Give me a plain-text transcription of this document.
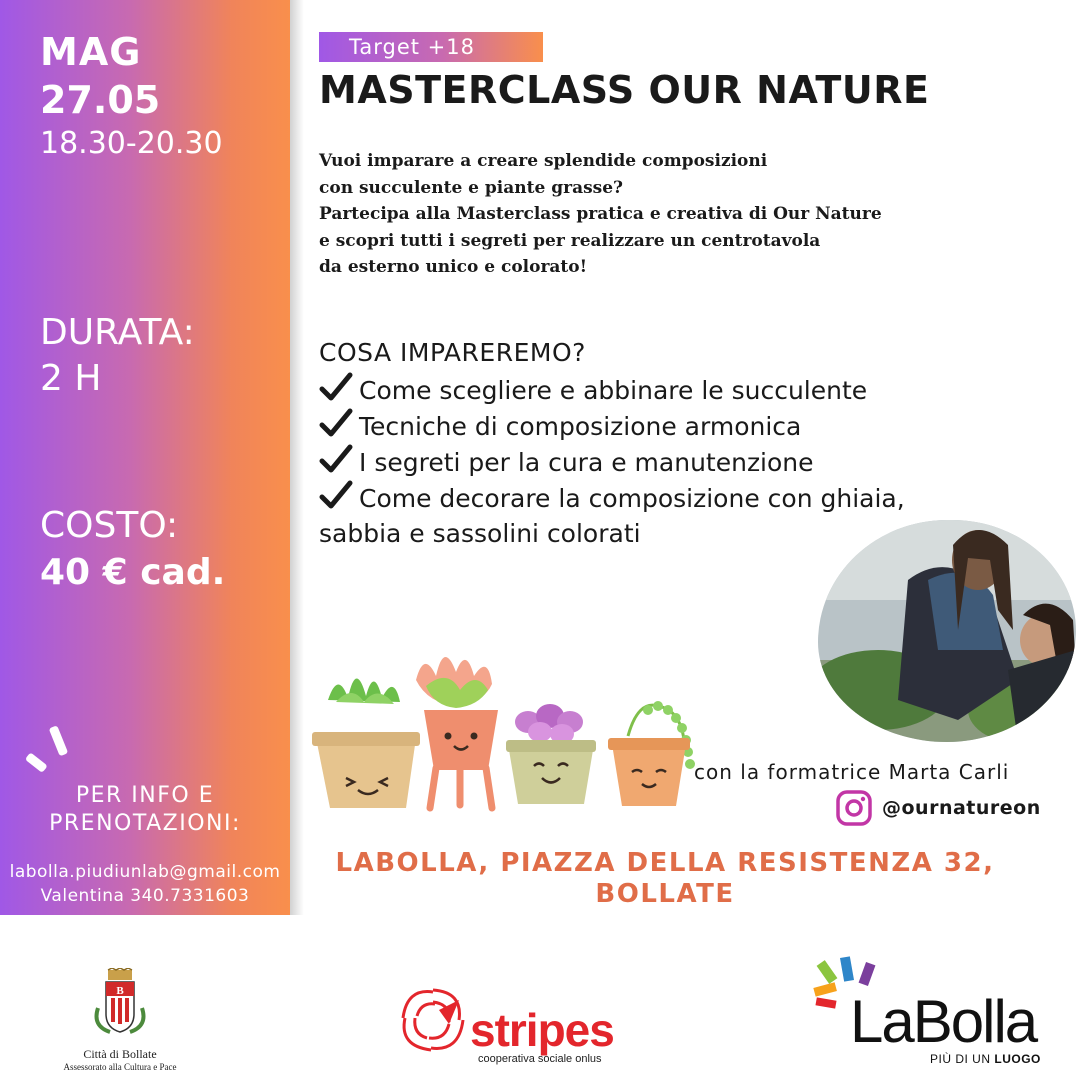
MAG
27.05
18.30-20.30
DURATA:
2 H
COSTO:
40 € cad.
PER INFO E
PRENOTAZIONI:
labolla.piudiunlab@gmail.com
Valentina 340.7331603
Target +18
MASTERCLASS OUR NATURE
Vuoi imparare a creare splendide composizioni
con succulente e piante grasse?
Partecipa alla Masterclass pratica e creativa di Our Nature
e scopri tutti i segreti per realizzare un centrotavola
da esterno unico e colorato!
COSA IMPAREREMO?
Come scegliere e abbinare le succulente
Tecniche di composizione armonica
I segreti per la cura e manutenzione
Come decorare la composizione con ghiaia,
sabbia e sassolini colorati
con la formatrice Marta Carli
@ournatureon
LABOLLA, PIAZZA DELLA RESISTENZA 32,
BOLLATE
B
Città di Bollate
Assessorato alla Cultura e Pace
stripes
cooperativa sociale onlus
LaBolla
PIÙ DI UN LUOGO
